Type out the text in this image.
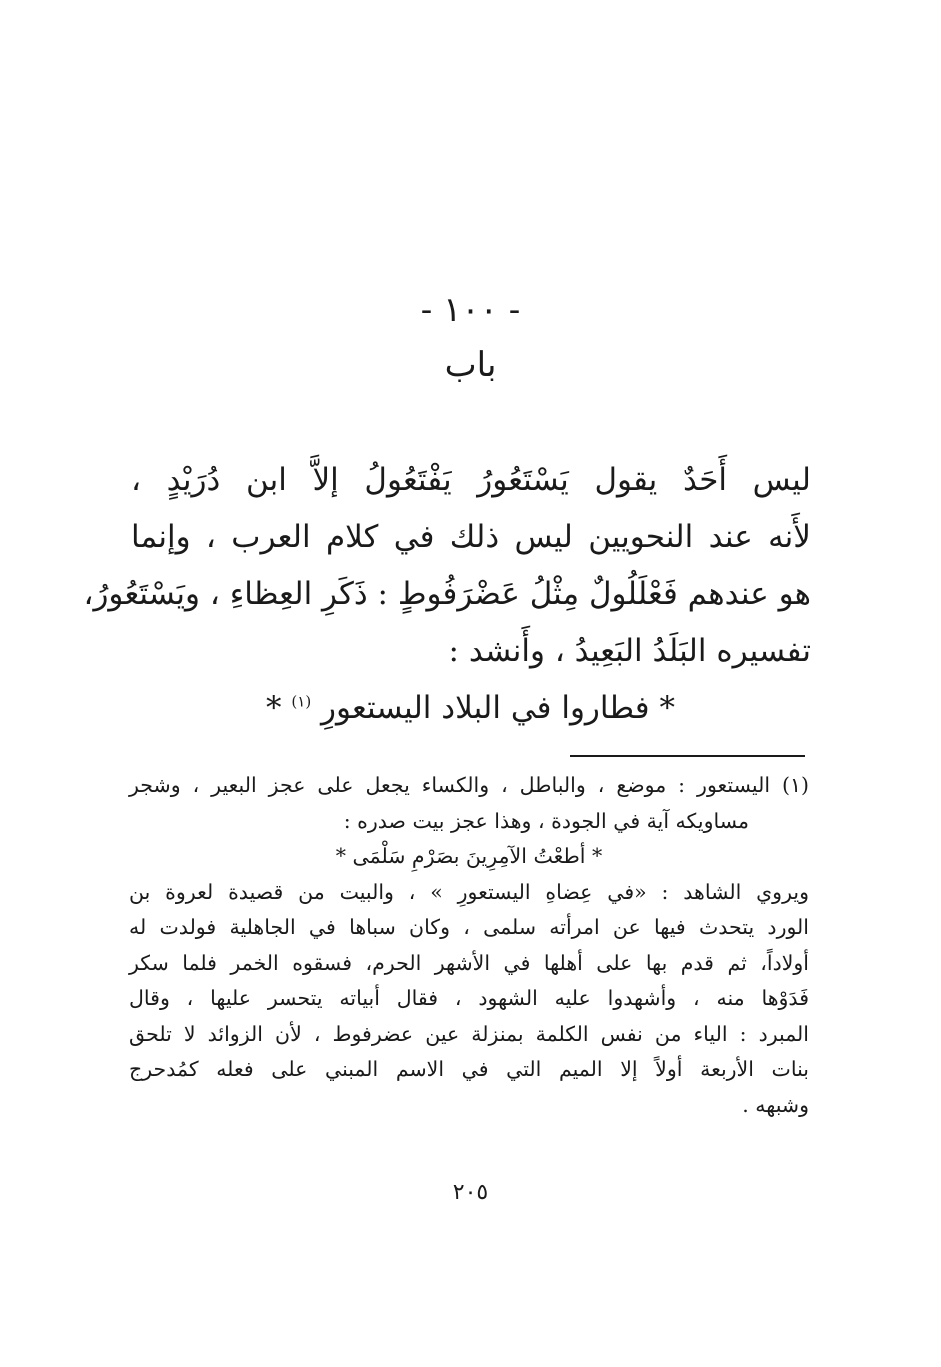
- ١٠٠ -
باب
ليس أَحَدٌ يقول يَسْتَعُورُ يَفْتَعُولُ إلاَّ ابن دُرَيْدٍ ،
لأَنه عند النحويين ليس ذلك في كلام العرب ، وإنما
هو عندهم فَعْلَلُولٌ مِثْلُ عَضْرَفُوطٍ : ذَكَرِ العِظاءِ ، ويَسْتَعُورُ،
تفسيره البَلَدُ البَعِيدُ ، وأَنشد :
* فطاروا في البلاد اليستعورِ $^{(١)}$ *
(١) اليستعور : موضع ، والباطل ، والكساء يجعل على عجز البعير ، وشجر
مساويكه آية في الجودة ، وهذا عجز بيت صدره :
* أطعْتُ الآمِرِينَ بصَرْمِ سَلْمَى *
ويروي الشاهد : «في عِضاهِ اليستعورِ » ، والبيت من قصيدة لعروة بن
الورد يتحدث فيها عن امرأته سلمى ، وكان سباها في الجاهلية فولدت له
أولاداً، ثم قدم بها على أهلها في الأشهر الحرم، فسقوه الخمر فلما سكر
فَدَوْها منه ، وأشهدوا عليه الشهود ، فقال أبياته يتحسر عليها ، وقال
المبرد : الياء من نفس الكلمة بمنزلة عين عضرفوط ، لأن الزوائد لا تلحق
بنات الأربعة أولاً إلا الميم التي في الاسم المبني على فعله كمُدحرج
وشبهه .
٢٠٥
